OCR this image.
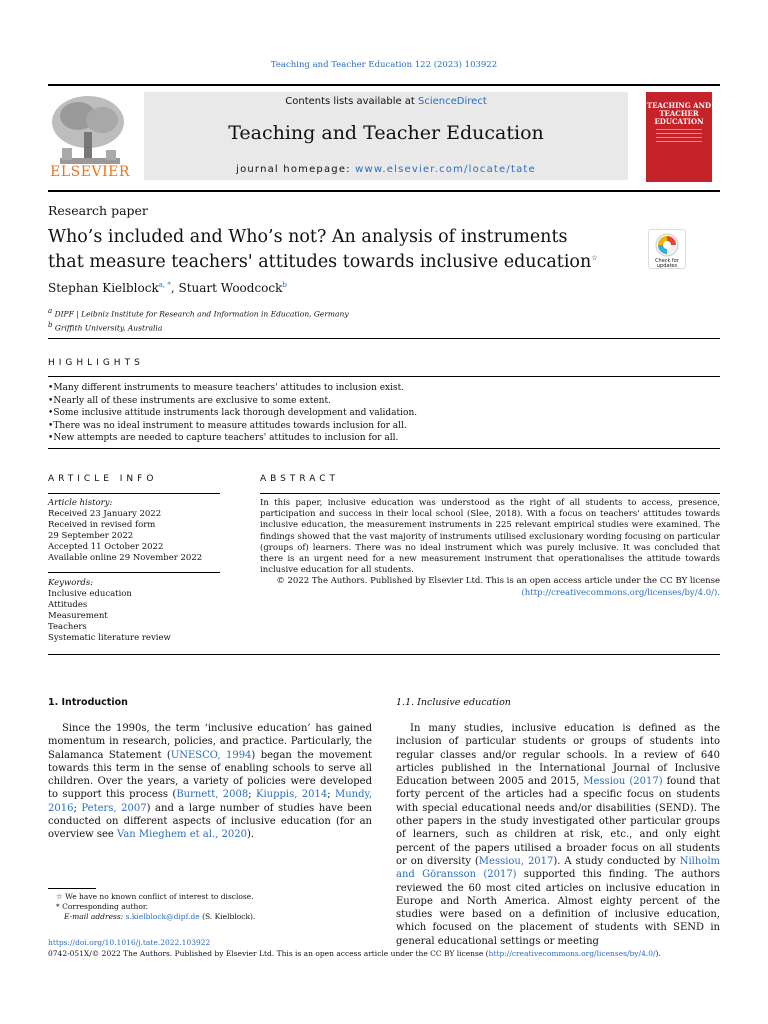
Teaching and Teacher Education 122 (2023) 103922
ELSEVIER
Contents lists available at ScienceDirect
Teaching and Teacher Education
journal homepage: www.elsevier.com/locate/tate
TEACHING AND TEACHER EDUCATION
Research paper
Who’s included and Who’s not? An analysis of instruments that measure teachers' attitudes towards inclusive education☆	Check for updates
Stephan Kielblock$^{a, *}$, Stuart Woodcock$^b$
$^a$ DIPF | Leibniz Institute for Research and Information in Education, Germany
$^b$ Griffith University, Australia
HIGHLIGHTS
• Many different instruments to measure teachers' attitudes to inclusion exist.
• Nearly all of these instruments are exclusive to some extent.
• Some inclusive attitude instruments lack thorough development and validation.
• There was no ideal instrument to measure attitudes towards inclusion for all.
• New attempts are needed to capture teachers' attitudes to inclusion for all.
ARTICLE INFO	ABSTRACT
Article history:
Received 23 January 2022
Received in revised form
29 September 2022
Accepted 11 October 2022
Available online 29 November 2022
Keywords:
Inclusive education
Attitudes
Measurement
Teachers
Systematic literature review
In this paper, inclusive education was understood as the right of all students to access, presence, participation and success in their local school (Slee, 2018). With a focus on teachers' attitudes towards inclusive education, the measurement instruments in 225 relevant empirical studies were examined. The findings showed that the vast majority of instruments utilised exclusionary wording focusing on particular (groups of) learners. There was no ideal instrument which was purely inclusive. It was concluded that there is an urgent need for a new measurement instrument that operationalises the attitude towards inclusive education for all students.
© 2022 The Authors. Published by Elsevier Ltd. This is an open access article under the CC BY license
(http://creativecommons.org/licenses/by/4.0/).
1. Introduction

Since the 1990s, the term ‘inclusive education’ has gained momentum in research, policies, and practice. Particularly, the Salamanca Statement (UNESCO, 1994) began the movement towards this term in the sense of enabling schools to serve all children. Over the years, a variety of policies were developed to support this process (Burnett, 2008; Kiuppis, 2014; Mundy, 2016; Peters, 2007) and a large number of studies have been conducted on different aspects of inclusive education (for an overview see Van Mieghem et al., 2020).

1.1. Inclusive education

In many studies, inclusive education is defined as the inclusion of particular students or groups of students into regular classes and/or regular schools. In a review of 640 articles published in the International Journal of Inclusive Education between 2005 and 2015, Messiou (2017) found that forty percent of the articles had a specific focus on students with special educational needs and/or disabilities (SEND). The other papers in the study investigated other particular groups of learners, such as children at risk, etc., and only eight percent of the papers utilised a broader focus on all students or on diversity (Messiou, 2017). A study conducted by Nilholm and Göransson (2017) supported this finding. The authors reviewed the 60 most cited articles on inclusive education in Europe and North America. Almost eighty percent of the studies were based on a definition of inclusive education, which focused on the placement of students with SEND in general educational settings or meeting

☆ We have no known conflict of interest to disclose.
* Corresponding author.
E-mail address: s.kielblock@dipf.de (S. Kielblock).
https://doi.org/10.1016/j.tate.2022.103922
0742-051X/© 2022 The Authors. Published by Elsevier Ltd. This is an open access article under the CC BY license (http://creativecommons.org/licenses/by/4.0/).
